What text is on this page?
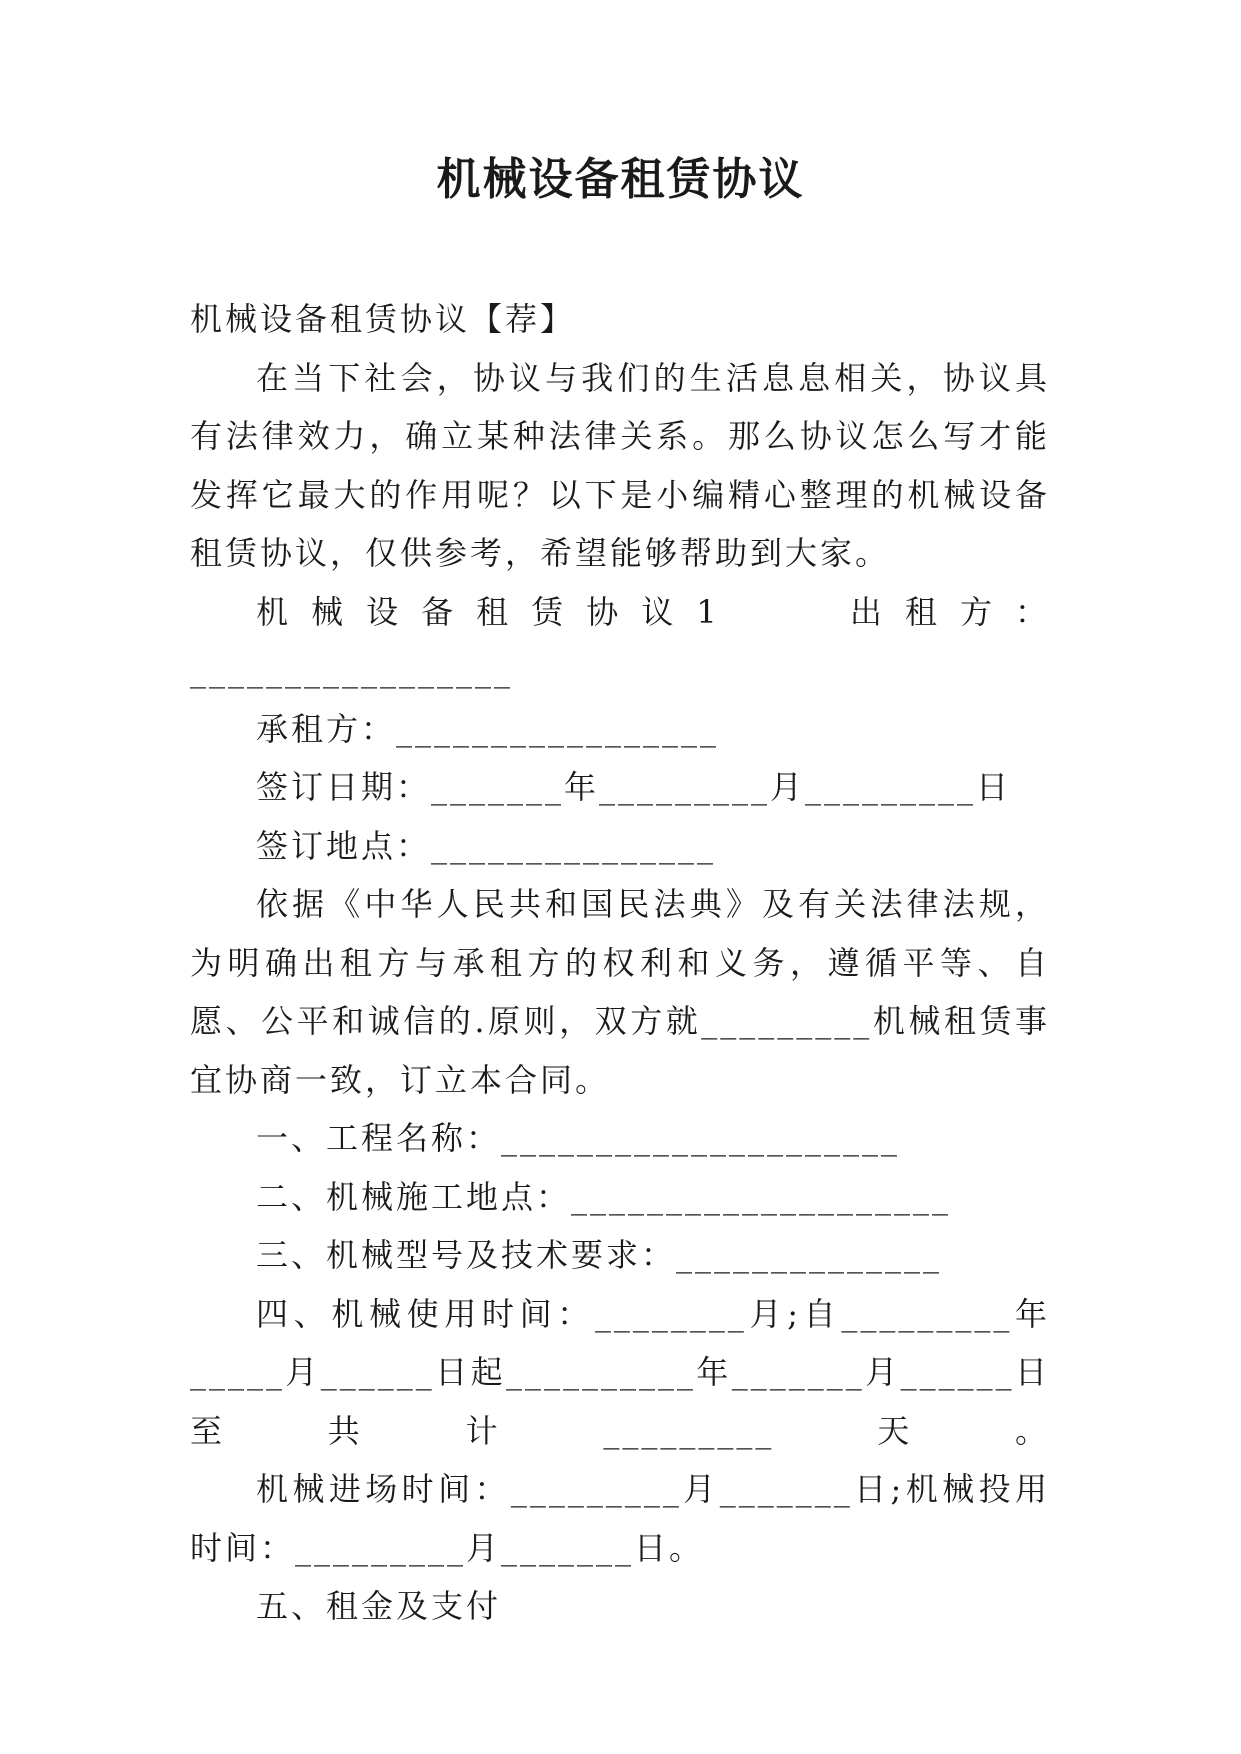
机械设备租赁协议

机械设备租赁协议【荐】

在当下社会，协议与我们的生活息息相关，协议具有法律效力，确立某种法律关系。那么协议怎么写才能发挥它最大的作用呢？以下是小编精心整理的机械设备租赁协议，仅供参考，希望能够帮助到大家。

机械设备租赁协议1　　出租方：_________________

承租方：_________________

签订日期：_______年_________月_________日

签订地点：_______________

依据《中华人民共和国民法典》及有关法律法规，为明确出租方与承租方的权利和义务，遵循平等、自愿、公平和诚信的.原则，双方就_________机械租赁事宜协商一致，订立本合同。

一、工程名称：_____________________

二、机械施工地点：____________________

三、机械型号及技术要求：______________

四、机械使用时间：________月;自_________年_____月______日起__________年_______月______日至共计_________天。

机械进场时间：_________月_______日;机械投用时间：_________月_______日。

五、租金及支付
